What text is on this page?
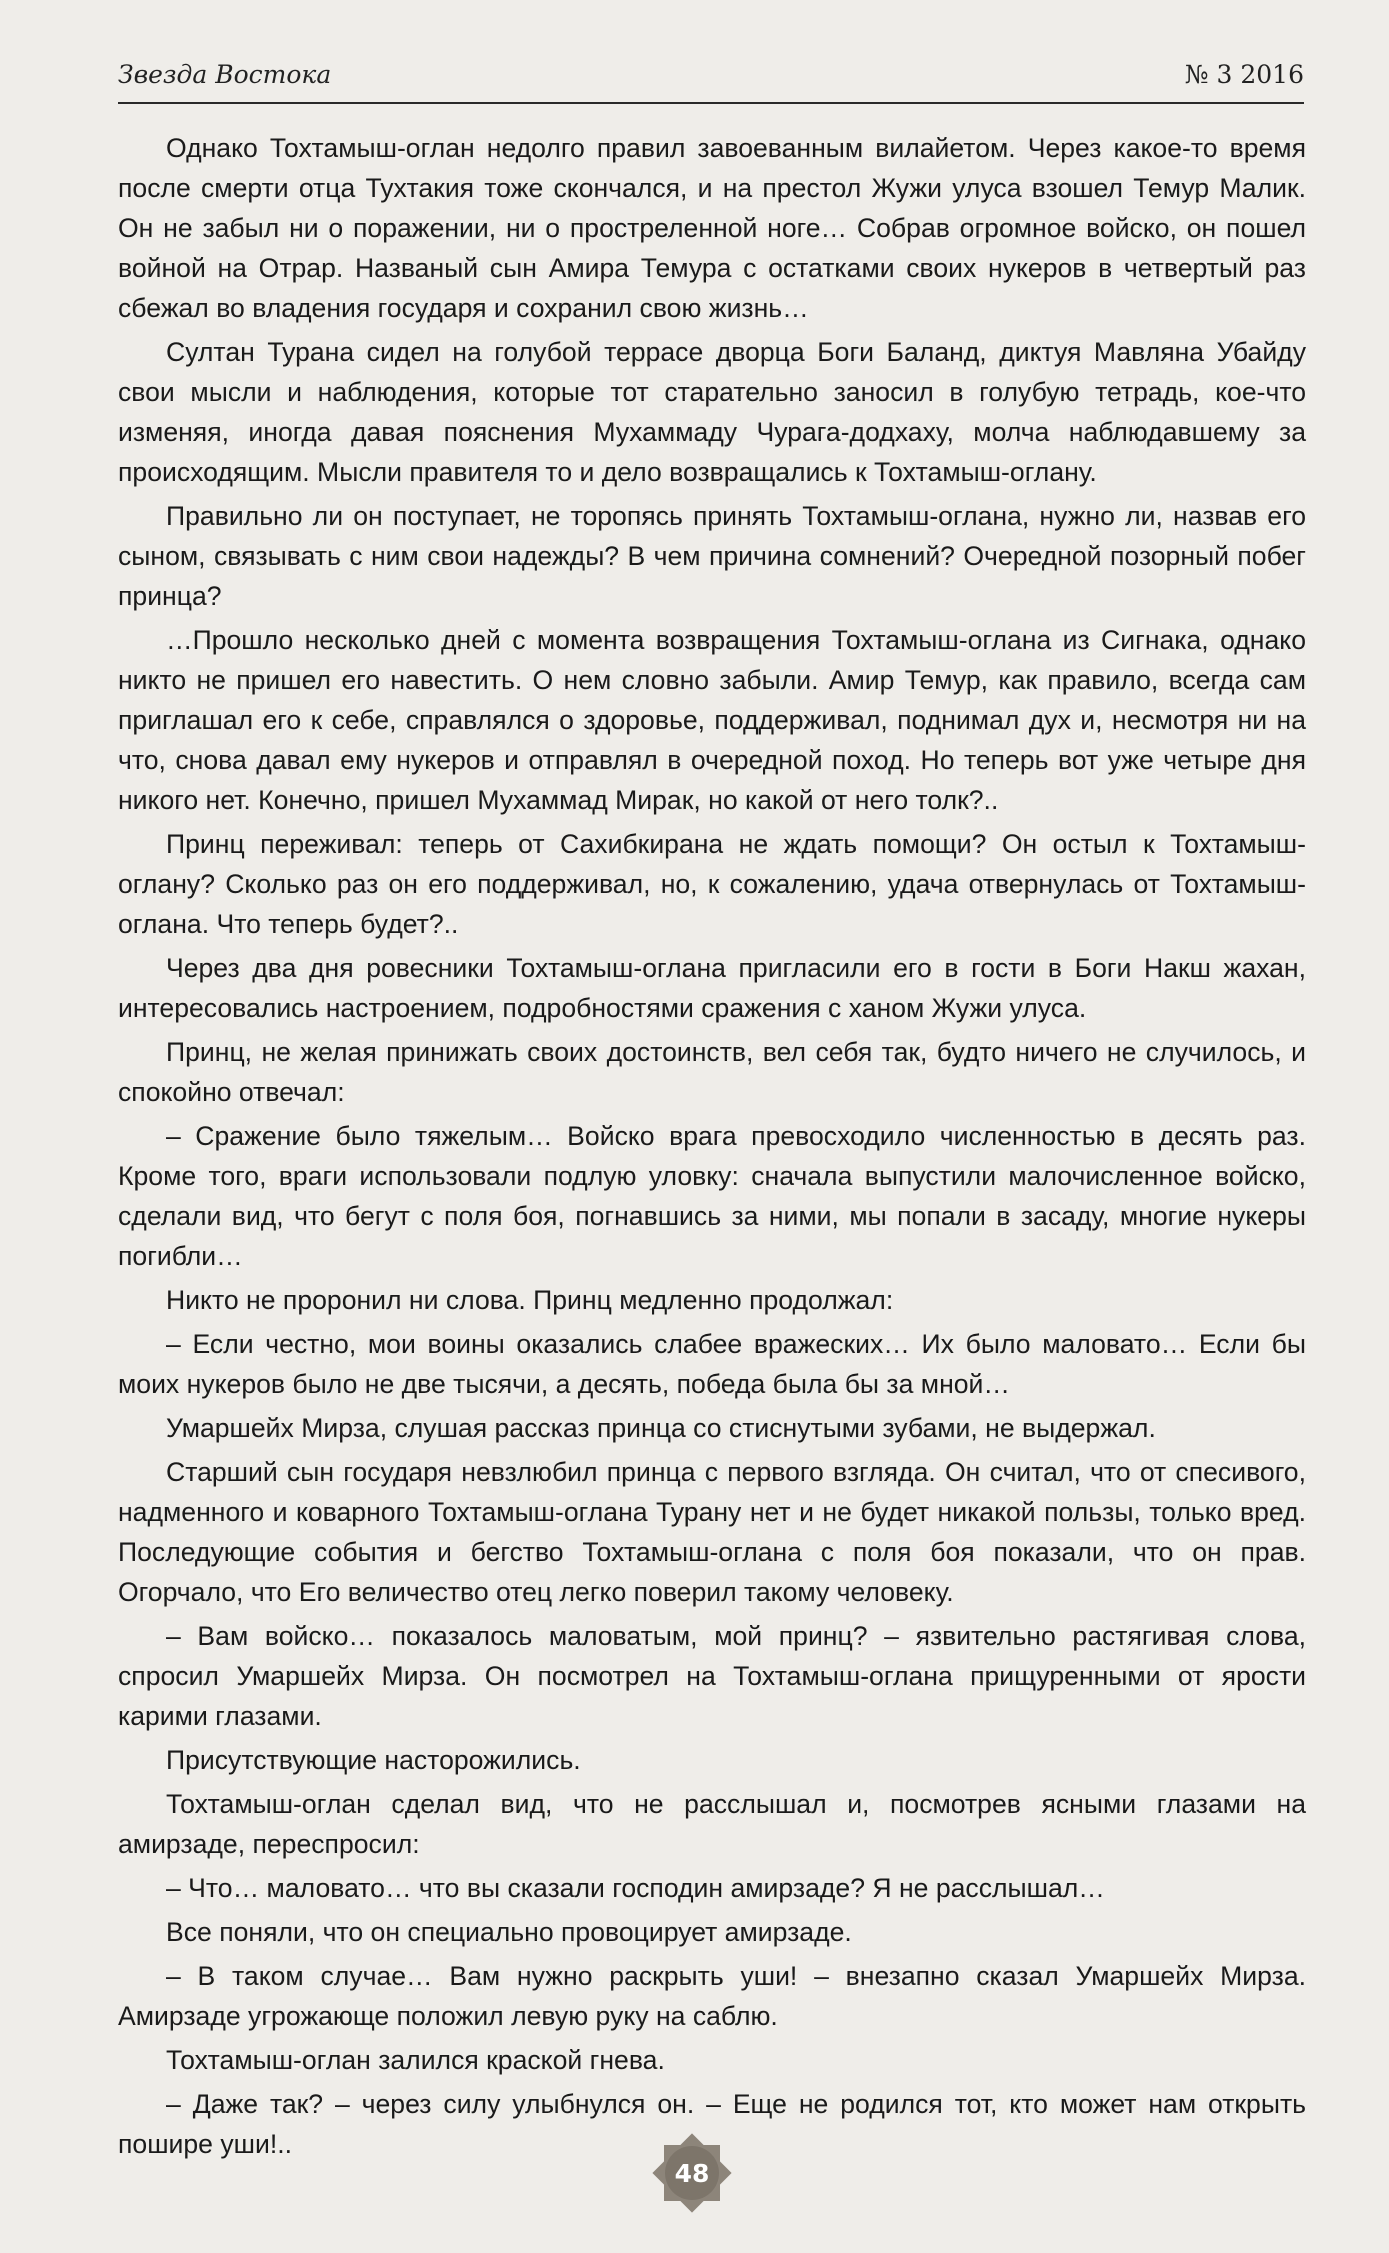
Звезда Востока	№ 3 2016

Однако Тохтамыш-оглан недолго правил завоеванным вилайетом. Через какое-то время после смерти отца Тухтакия тоже скончался, и на престол Жужи улуса взошел Темур Малик. Он не забыл ни о поражении, ни о простреленной ноге… Собрав огромное войско, он пошел войной на Отрар. Названый сын Амира Темура с остатками своих нукеров в четвертый раз сбежал во владения государя и сохранил свою жизнь…

Султан Турана сидел на голубой террасе дворца Боги Баланд, диктуя Мавляна Убайду свои мысли и наблюдения, которые тот старательно заносил в голубую тетрадь, кое-что изменяя, иногда давая пояснения Мухаммаду Чурага-додхаху, молча наблюдавшему за происходящим. Мысли правителя то и дело возвращались к Тохтамыш-оглану.

Правильно ли он поступает, не торопясь принять Тохтамыш-оглана, нужно ли, назвав его сыном, связывать с ним свои надежды? В чем причина сомнений? Очередной позорный побег принца?

…Прошло несколько дней с момента возвращения Тохтамыш-оглана из Сигнака, однако никто не пришел его навестить. О нем словно забыли. Амир Темур, как правило, всегда сам приглашал его к себе, справлялся о здоровье, поддерживал, поднимал дух и, несмотря ни на что, снова давал ему нукеров и отправлял в очередной поход. Но теперь вот уже четыре дня никого нет. Конечно, пришел Мухаммад Мирак, но какой от него толк?..

Принц переживал: теперь от Сахибкирана не ждать помощи? Он остыл к Тохтамыш-оглану? Сколько раз он его поддерживал, но, к сожалению, удача отвернулась от Тохтамыш-оглана. Что теперь будет?..

Через два дня ровесники Тохтамыш-оглана пригласили его в гости в Боги Накш жахан, интересовались настроением, подробностями сражения с ханом Жужи улуса.

Принц, не желая принижать своих достоинств, вел себя так, будто ничего не случилось, и спокойно отвечал:

– Сражение было тяжелым… Войско врага превосходило численностью в десять раз. Кроме того, враги использовали подлую уловку: сначала выпустили малочисленное войско, сделали вид, что бегут с поля боя, погнавшись за ними, мы попали в засаду, многие нукеры погибли…

Никто не проронил ни слова. Принц медленно продолжал:

– Если честно, мои воины оказались слабее вражеских… Их было маловато… Если бы моих нукеров было не две тысячи, а десять, победа была бы за мной…

Умаршейх Мирза, слушая рассказ принца со стиснутыми зубами, не выдержал.

Старший сын государя невзлюбил принца с первого взгляда. Он считал, что от спесивого, надменного и коварного Тохтамыш-оглана Турану нет и не будет никакой пользы, только вред. Последующие события и бегство Тохтамыш-оглана с поля боя показали, что он прав. Огорчало, что Его величество отец легко поверил такому человеку.

– Вам войско… показалось маловатым, мой принц? – язвительно растягивая слова, спросил Умаршейх Мирза. Он посмотрел на Тохтамыш-оглана прищуренными от ярости карими глазами.

Присутствующие насторожились.

Тохтамыш-оглан сделал вид, что не расслышал и, посмотрев ясными глазами на амирзаде, переспросил:

– Что… маловато… что вы сказали господин амирзаде? Я не расслышал…

Все поняли, что он специально провоцирует амирзаде.

– В таком случае… Вам нужно раскрыть уши! – внезапно сказал Умаршейх Мирза. Амирзаде угрожающе положил левую руку на саблю.

Тохтамыш-оглан залился краской гнева.

– Даже так? – через силу улыбнулся он. – Еще не родился тот, кто может нам открыть пошире уши!..

48
